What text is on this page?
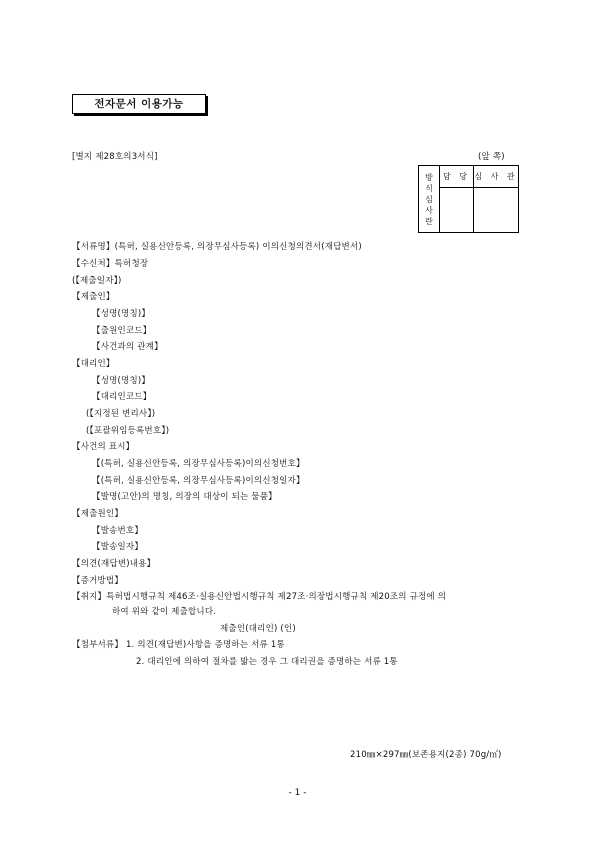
전자문서 이용가능
[별지 제28호의3서식]	(앞 쪽)
방
식
심
사
란	담 당	심 사 관

【서류명】(특허, 실용신안등록, 의장무심사등록) 이의신청의견서(재답변서)
【수신처】특허청장
(【제출일자】)
【제출인】
【성명(명칭)】
【출원인코드】
【사건과의 관계】
【대리인】
【성명(명칭)】
【대리인코드】
(【지정된 변리사】)
(【포괄위임등록번호】)
【사건의 표시】
【(특허, 실용신안등록, 의장무심사등록)이의신청번호】
【(특허, 실용신안등록, 의장무심사등록)이의신청일자】
【발명(고안)의 명칭, 의장의 대상이 되는 물품】
【제출원인】
【발송번호】
【발송일자】
【의견(재답변)내용】
【증거방법】
【취지】특허법시행규칙 제46조·실용신안법시행규칙 제27조·의장법시행규칙 제20조의 규정에 의
하여 위와 같이 제출합니다.
제출인(대리인) (인)
【첨부서류】 1. 의견(재답변)사항을 증명하는 서류 1통
2. 대리인에 의하여 절차를 밟는 경우 그 대리권을 증명하는 서류 1통
210㎜×297㎜(보존용지(2종) 70g/㎡)
- 1 -
